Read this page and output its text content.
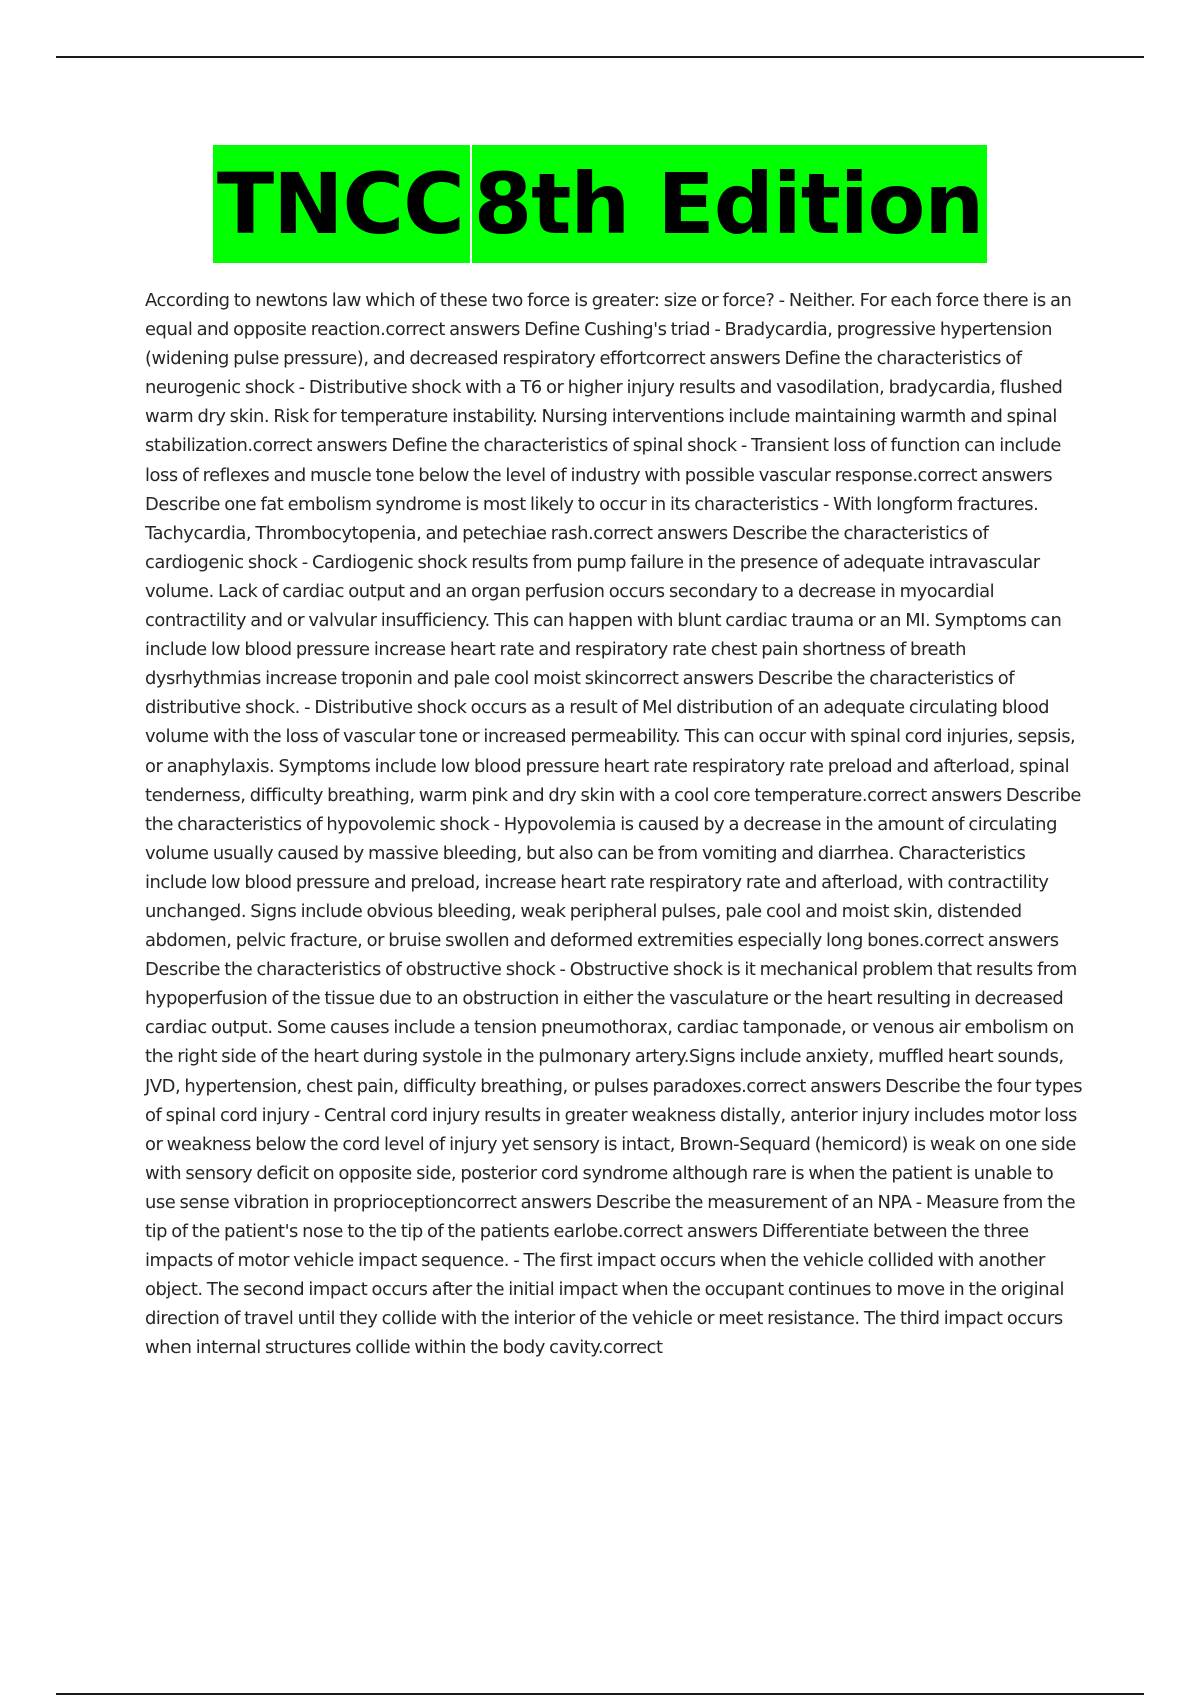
TNCC 8th Edition

According to newtons law which of these two force is greater: size or force? - Neither. For each force there is an equal and opposite reaction.correct answers Define Cushing's triad - Bradycardia, progressive hypertension (widening pulse pressure), and decreased respiratory effortcorrect answers Define the characteristics of neurogenic shock - Distributive shock with a T6 or higher injury results and vasodilation, bradycardia, flushed warm dry skin. Risk for temperature instability. Nursing interventions include maintaining warmth and spinal stabilization.correct answers Define the characteristics of spinal shock - Transient loss of function can include loss of reflexes and muscle tone below the level of industry with possible vascular response.correct answers Describe one fat embolism syndrome is most likely to occur in its characteristics - With longform fractures. Tachycardia, Thrombocytopenia, and petechiae rash.correct answers Describe the characteristics of cardiogenic shock - Cardiogenic shock results from pump failure in the presence of adequate intravascular volume. Lack of cardiac output and an organ perfusion occurs secondary to a decrease in myocardial contractility and or valvular insufficiency. This can happen with blunt cardiac trauma or an MI. Symptoms can include low blood pressure increase heart rate and respiratory rate chest pain shortness of breath dysrhythmias increase troponin and pale cool moist skincorrect answers Describe the characteristics of distributive shock. - Distributive shock occurs as a result of Mel distribution of an adequate circulating blood volume with the loss of vascular tone or increased permeability. This can occur with spinal cord injuries, sepsis, or anaphylaxis. Symptoms include low blood pressure heart rate respiratory rate preload and afterload, spinal tenderness, difficulty breathing, warm pink and dry skin with a cool core temperature.correct answers Describe the characteristics of hypovolemic shock - Hypovolemia is caused by a decrease in the amount of circulating volume usually caused by massive bleeding, but also can be from vomiting and diarrhea. Characteristics include low blood pressure and preload, increase heart rate respiratory rate and afterload, with contractility unchanged. Signs include obvious bleeding, weak peripheral pulses, pale cool and moist skin, distended abdomen, pelvic fracture, or bruise swollen and deformed extremities especially long bones.correct answers Describe the characteristics of obstructive shock - Obstructive shock is it mechanical problem that results from hypoperfusion of the tissue due to an obstruction in either the vasculature or the heart resulting in decreased cardiac output. Some causes include a tension pneumothorax, cardiac tamponade, or venous air embolism on the right side of the heart during systole in the pulmonary artery.Signs include anxiety, muffled heart sounds, JVD, hypertension, chest pain, difficulty breathing, or pulses paradoxes.correct answers Describe the four types of spinal cord injury - Central cord injury results in greater weakness distally, anterior injury includes motor loss or weakness below the cord level of injury yet sensory is intact, Brown-Sequard (hemicord) is weak on one side with sensory deficit on opposite side, posterior cord syndrome although rare is when the patient is unable to use sense vibration in proprioceptioncorrect answers Describe the measurement of an NPA - Measure from the tip of the patient's nose to the tip of the patients earlobe.correct answers Differentiate between the three impacts of motor vehicle impact sequence. - The first impact occurs when the vehicle collided with another object. The second impact occurs after the initial impact when the occupant continues to move in the original direction of travel until they collide with the interior of the vehicle or meet resistance. The third impact occurs when internal structures collide within the body cavity.correct
